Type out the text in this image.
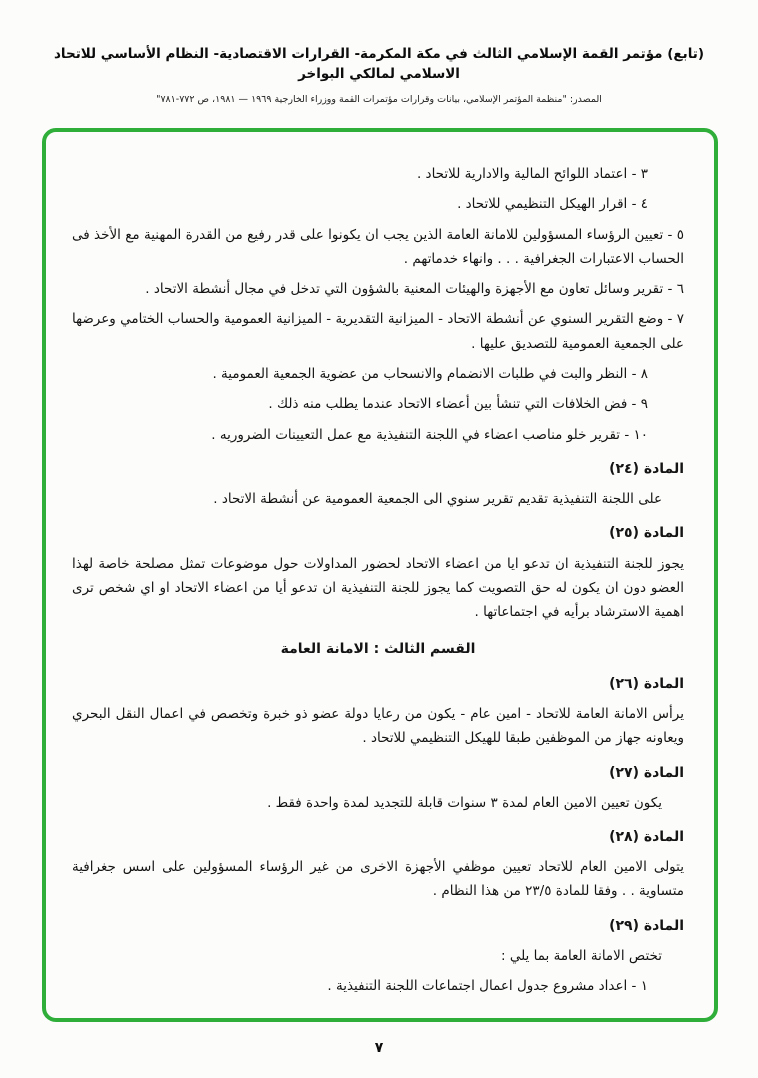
(تابع) مؤتمر القمة الإسلامي الثالث في مكة المكرمة- القرارات الاقتصادية- النظام الأساسي للاتحاد الاسلامي لمالكي البواخر
المصدر: "منظمة المؤتمر الإسلامي، بيانات وقرارات مؤتمرات القمة ووزراء الخارجية ١٩٦٩ — ١٩٨١، ص ٧٧٢-٧٨١"

٣ - اعتماد اللوائح المالية والادارية للاتحاد .

٤ - اقرار الهيكل التنظيمي للاتحاد .

٥ - تعيين الرؤساء المسؤولين للامانة العامة الذين يجب ان يكونوا على قدر رفيع من القدرة المهنية مع الأخذ فى الحساب الاعتبارات الجغرافية . . . وانهاء خدماتهم .

٦ - تقرير وسائل تعاون مع الأجهزة والهيئات المعنية بالشؤون التي تدخل في مجال أنشطة الاتحاد .

٧ - وضع التقرير السنوي عن أنشطة الاتحاد - الميزانية التقديرية - الميزانية العمومية والحساب الختامي وعرضها على الجمعية العمومية للتصديق عليها .

٨ - النظر والبت في طلبات الانضمام والانسحاب من عضوية الجمعية العمومية .

٩ - فض الخلافات التي تنشأ بين أعضاء الاتحاد عندما يطلب منه ذلك .

١٠ - تقرير خلو مناصب اعضاء في اللجنة التنفيذية مع عمل التعيينات الضروريه .

المادة (٢٤)

على اللجنة التنفيذية تقديم تقرير سنوي الى الجمعية العمومية عن أنشطة الاتحاد .

المادة (٢٥)

يجوز للجنة التنفيذية ان تدعو ايا من اعضاء الاتحاد لحضور المداولات حول موضوعات تمثل مصلحة خاصة لهذا العضو دون ان يكون له حق التصويت كما يجوز للجنة التنفيذية ان تدعو أيا من اعضاء الاتحاد او اي شخص ترى اهمية الاسترشاد برأيه في اجتماعاتها .

القسم الثالث : الامانة العامة

المادة (٢٦)

يرأس الامانة العامة للاتحاد - امين عام - يكون من رعايا دولة عضو ذو خبرة وتخصص في اعمال النقل البحري ويعاونه جهاز من الموظفين طبقا للهيكل التنظيمي للاتحاد .

المادة (٢٧)

يكون تعيين الامين العام لمدة ٣ سنوات قابلة للتجديد لمدة واحدة فقط .

المادة (٢٨)

يتولى الامين العام للاتحاد تعيين موظفي الأجهزة الاخرى من غير الرؤساء المسؤولين على اسس جغرافية متساوية . . وفقا للمادة ٢٣/٥ من هذا النظام .

المادة (٢٩)

تختص الامانة العامة بما يلي :

١ - اعداد مشروع جدول اعمال اجتماعات اللجنة التنفيذية .

٧
